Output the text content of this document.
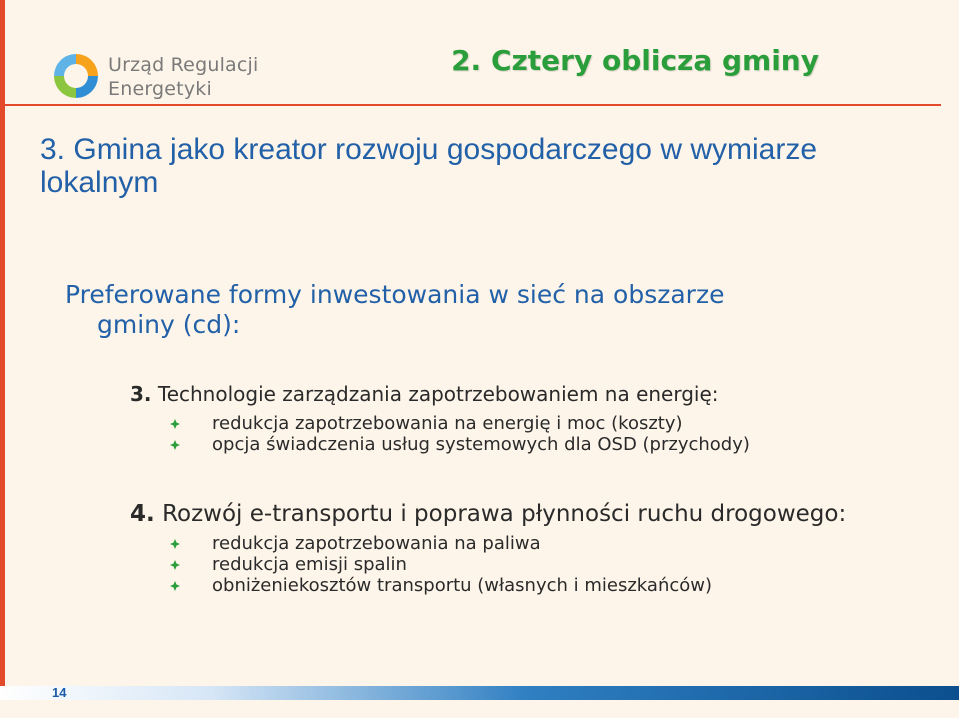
Urząd Regulacji
Energetyki
2. Cztery oblicza gminy
3. Gmina jako kreator rozwoju gospodarczego w wymiarze lokalnym
Preferowane formy inwestowania w sieć na obszarze
gminy (cd):
3. Technologie zarządzania zapotrzebowaniem na energię:
redukcja zapotrzebowania na energię i moc (koszty)
opcja świadczenia usług systemowych dla OSD (przychody)
4. Rozwój e-transportu i poprawa płynności ruchu drogowego:
redukcja zapotrzebowania na paliwa
redukcja emisji spalin
obniżeniekosztów transportu (własnych i mieszkańców)
14
